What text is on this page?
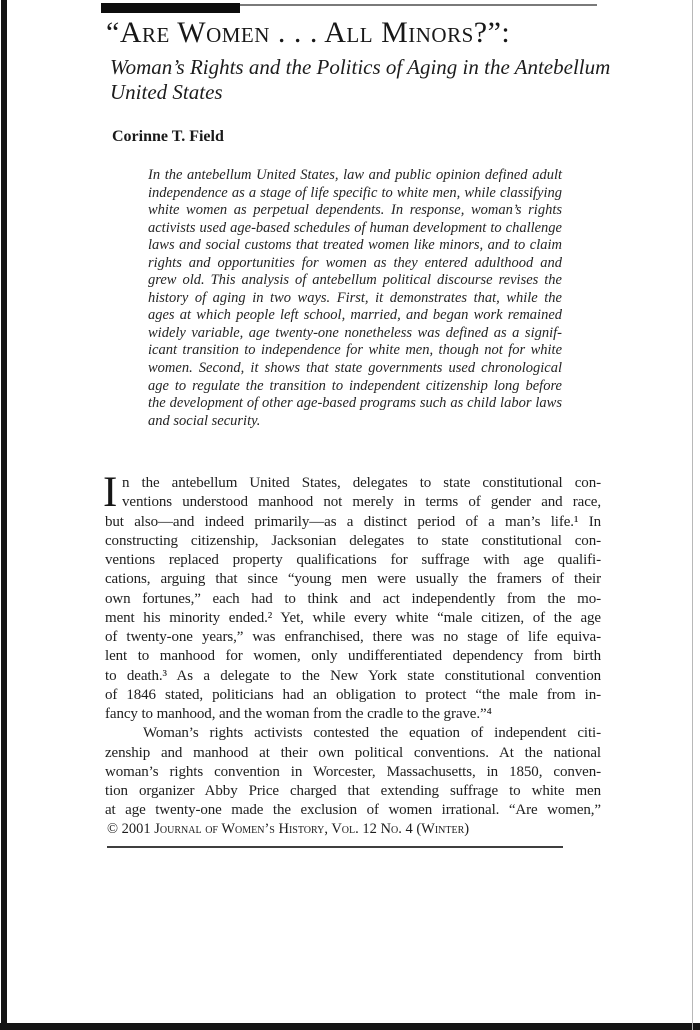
“Are Women . . . All Minors?”:
Woman’s Rights and the Politics of Aging in the Antebellum
United States
Corinne T. Field
In the antebellum United States, law and public opinion defined adult
independence as a stage of life specific to white men, while classifying
white women as perpetual dependents. In response, woman’s rights
activists used age-based schedules of human development to challenge
laws and social customs that treated women like minors, and to claim
rights and opportunities for women as they entered adulthood and
grew old. This analysis of antebellum political discourse revises the
history of aging in two ways. First, it demonstrates that, while the
ages at which people left school, married, and began work remained
widely variable, age twenty-one nonetheless was defined as a signif-
icant transition to independence for white men, though not for white
women. Second, it shows that state governments used chronological
age to regulate the transition to independent citizenship long before
the development of other age-based programs such as child labor laws
and social security.
I n the antebellum United States, delegates to state constitutional con-
ventions understood manhood not merely in terms of gender and race,
but also—and indeed primarily—as a distinct period of a man’s life.¹ In
constructing citizenship, Jacksonian delegates to state constitutional con-
ventions replaced property qualifications for suffrage with age qualifi-
cations, arguing that since “young men were usually the framers of their
own fortunes,” each had to think and act independently from the mo-
ment his minority ended.² Yet, while every white “male citizen, of the age
of twenty-one years,” was enfranchised, there was no stage of life equiva-
lent to manhood for women, only undifferentiated dependency from birth
to death.³ As a delegate to the New York state constitutional convention
of 1846 stated, politicians had an obligation to protect “the male from in-
fancy to manhood, and the woman from the cradle to the grave.”⁴
Woman’s rights activists contested the equation of independent citi-
zenship and manhood at their own political conventions. At the national
woman’s rights convention in Worcester, Massachusetts, in 1850, conven-
tion organizer Abby Price charged that extending suffrage to white men
at age twenty-one made the exclusion of women irrational. “Are women,”
© 2001 Journal of Women’s History, Vol. 12 No. 4 (Winter)
